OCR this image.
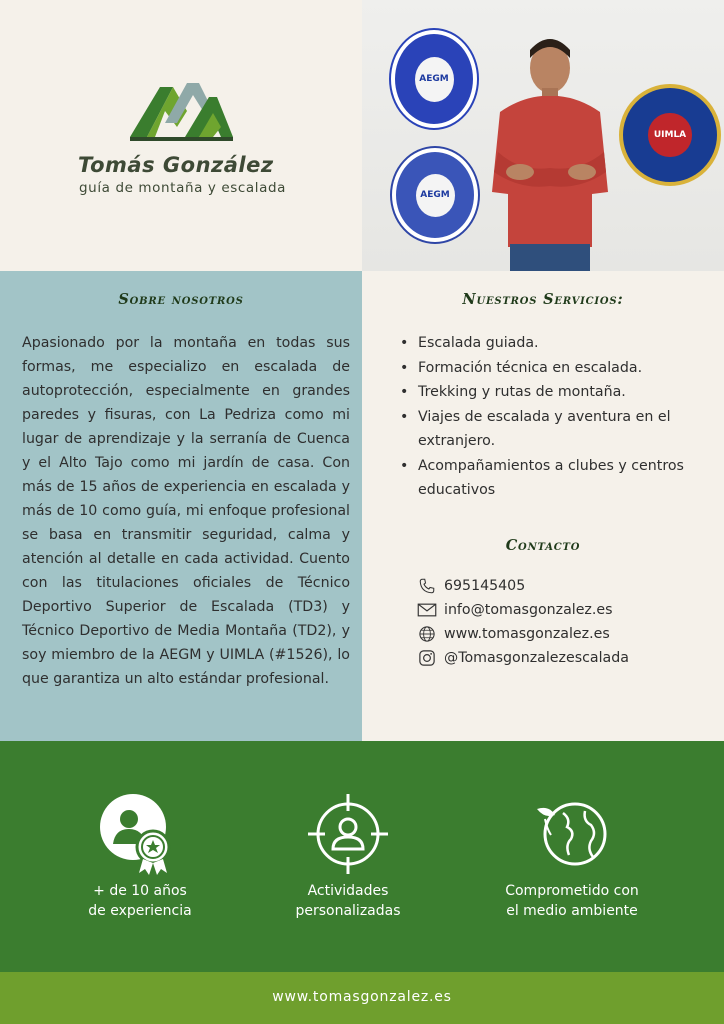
Tomás González
guía de montaña y escalada
AEGM
AEGM
UIMLA
Sobre nosotros

Apasionado por la montaña en todas sus formas, me especializo en escalada de autoprotección, especialmente en grandes paredes y fisuras, con La Pedriza como mi lugar de aprendizaje y la serranía de Cuenca y el Alto Tajo como mi jardín de casa. Con más de 15 años de experiencia en escalada y más de 10 como guía, mi enfoque profesional se basa en transmitir seguridad, calma y atención al detalle en cada actividad. Cuento con las titulaciones oficiales de Técnico Deportivo Superior de Escalada (TD3) y Técnico Deportivo de Media Montaña (TD2), y soy miembro de la AEGM y UIMLA (#1526), lo que garantiza un alto estándar profesional.

Nuestros Servicios:
• Escalada guiada.
• Formación técnica en escalada.
• Trekking y rutas de montaña.
• Viajes de escalada y aventura en el extranjero.
• Acompañamientos a clubes y centros educativos
Contacto
695145405
info@tomasgonzalez.es
www.tomasgonzalez.es
@Tomasgonzalezescalada
+ de 10 años
de experiencia
Actividades
personalizadas
Comprometido con
el medio ambiente
www.tomasgonzalez.es
